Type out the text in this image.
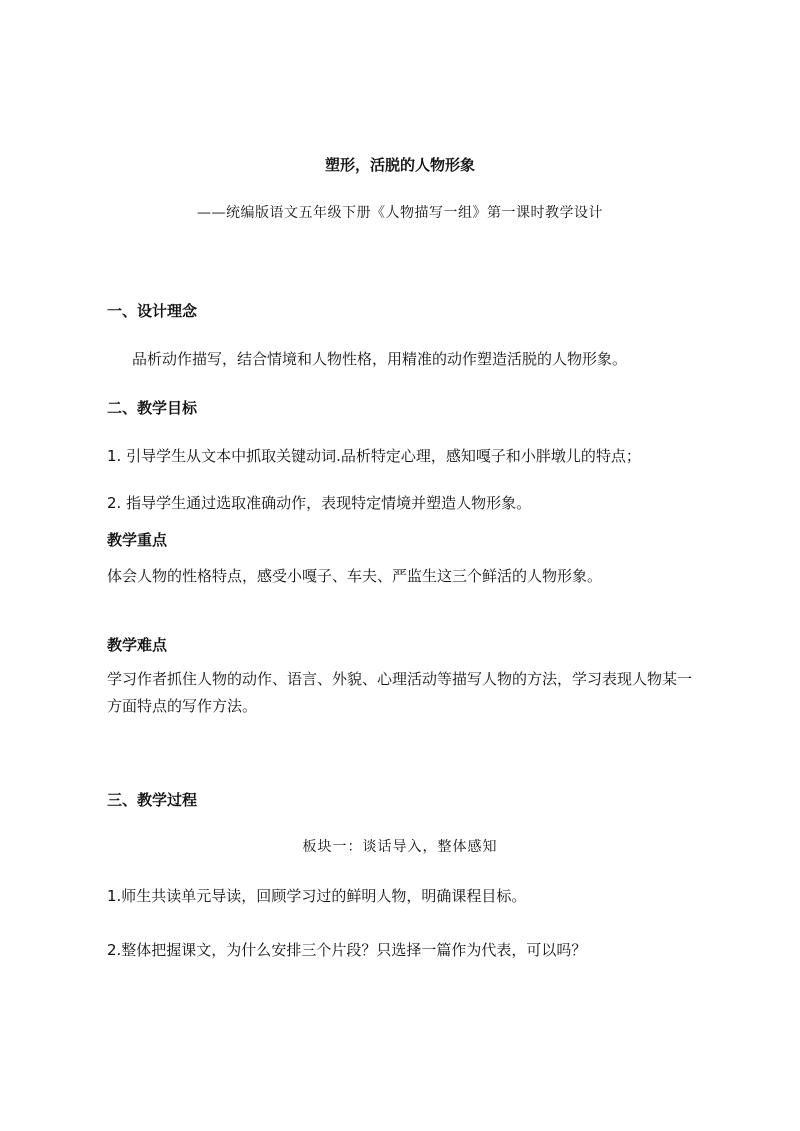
塑形，活脱的人物形象
——统编版语文五年级下册《人物描写一组》第一课时教学设计
一、设计理念
品析动作描写，结合情境和人物性格，用精准的动作塑造活脱的人物形象。
二、教学目标
1. 引导学生从文本中抓取关键动词.品析特定心理，感知嘎子和小胖墩儿的特点；
2. 指导学生通过选取准确动作，表现特定情境并塑造人物形象。
教学重点
体会人物的性格特点，感受小嘎子、车夫、严监生这三个鲜活的人物形象。
教学难点
学习作者抓住人物的动作、语言、外貌、心理活动等描写人物的方法，学习表现人物某一方面特点的写作方法。
三、教学过程
板块一：谈话导入，整体感知
1.师生共读单元导读，回顾学习过的鲜明人物，明确课程目标。
2.整体把握课文，为什么安排三个片段？只选择一篇作为代表，可以吗？
